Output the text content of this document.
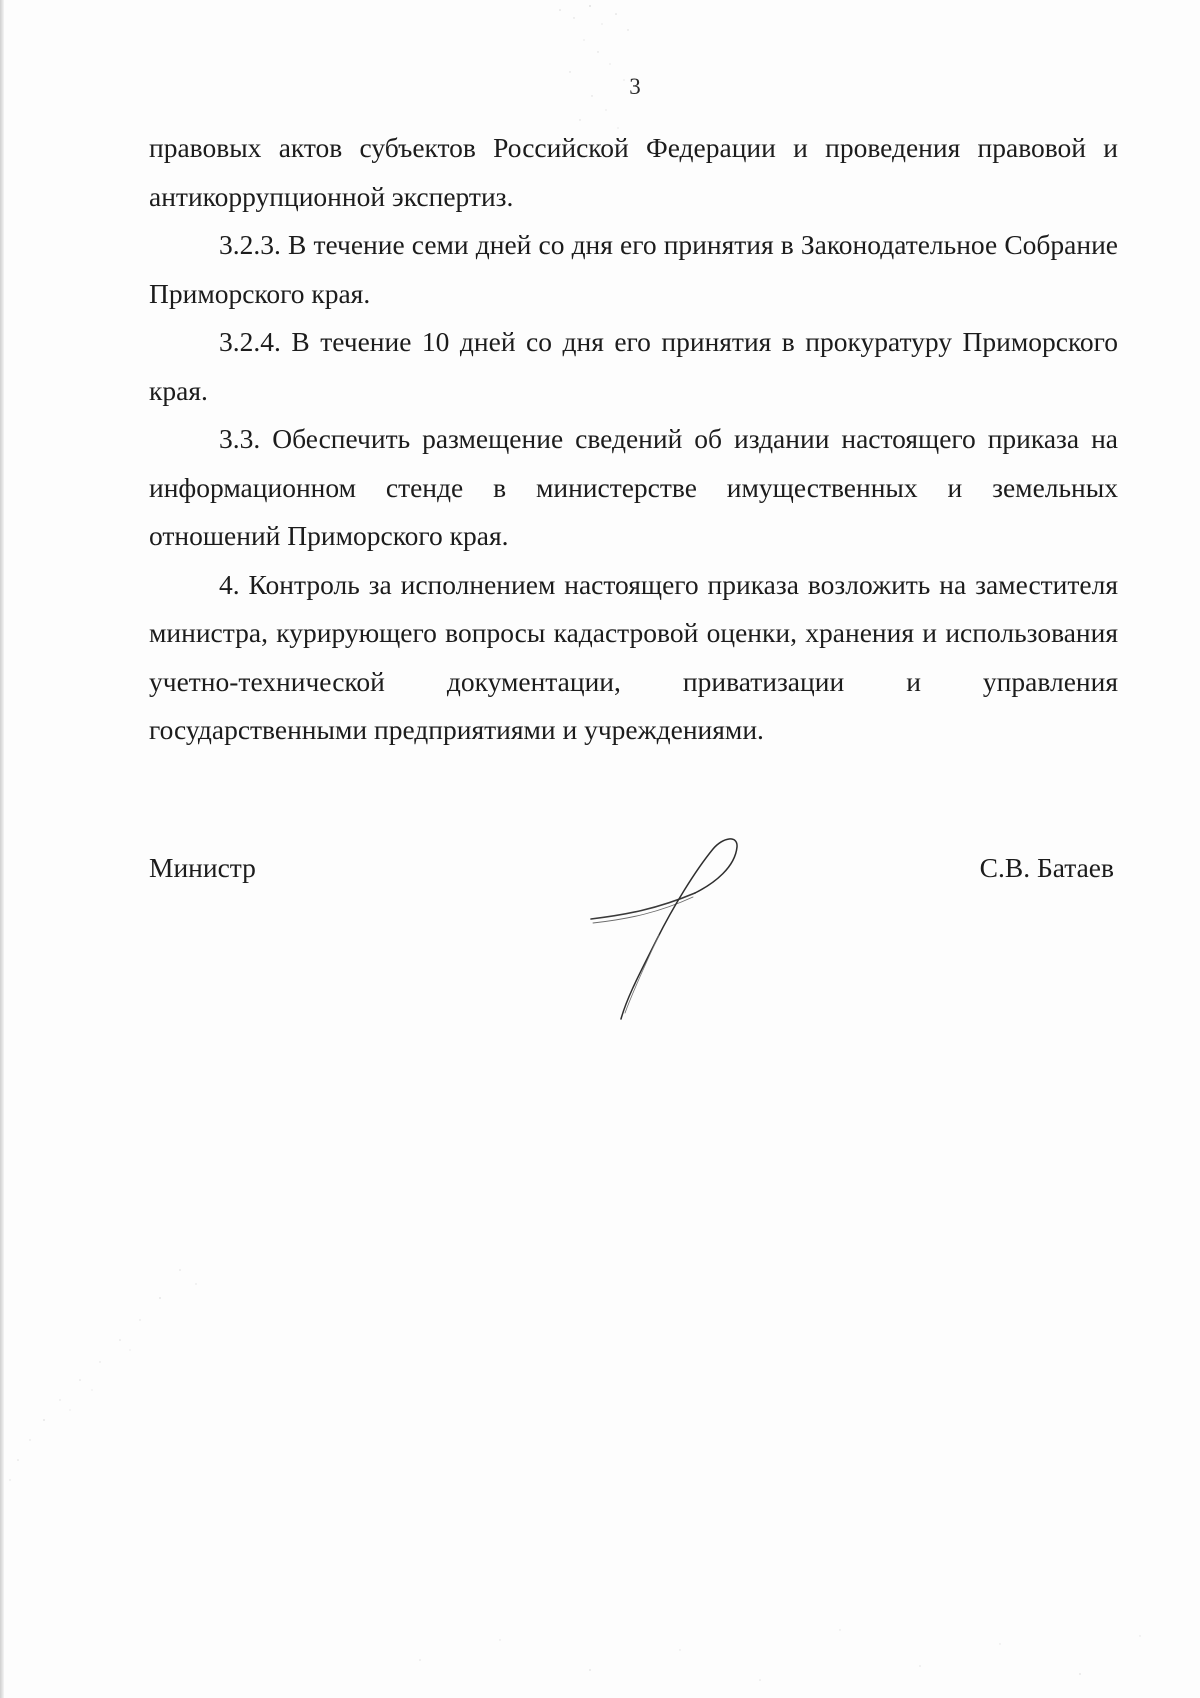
3

правовых актов субъектов Российской Федерации и проведения правовой и антикоррупционной экспертиз.

3.2.3. В течение семи дней со дня его принятия в Законодательное Собрание Приморского края.

3.2.4. В течение 10 дней со дня его принятия в прокуратуру Приморского края.

3.3. Обеспечить размещение сведений об издании настоящего приказа на информационном стенде в министерстве имущественных и земельных отношений Приморского края.

4. Контроль за исполнением настоящего приказа возложить на заместителя министра, курирующего вопросы кадастровой оценки, хранения и использования учетно-технической документации, приватизации и управления государственными предприятиями и учреждениями.

Министр	С.В. Батаев
